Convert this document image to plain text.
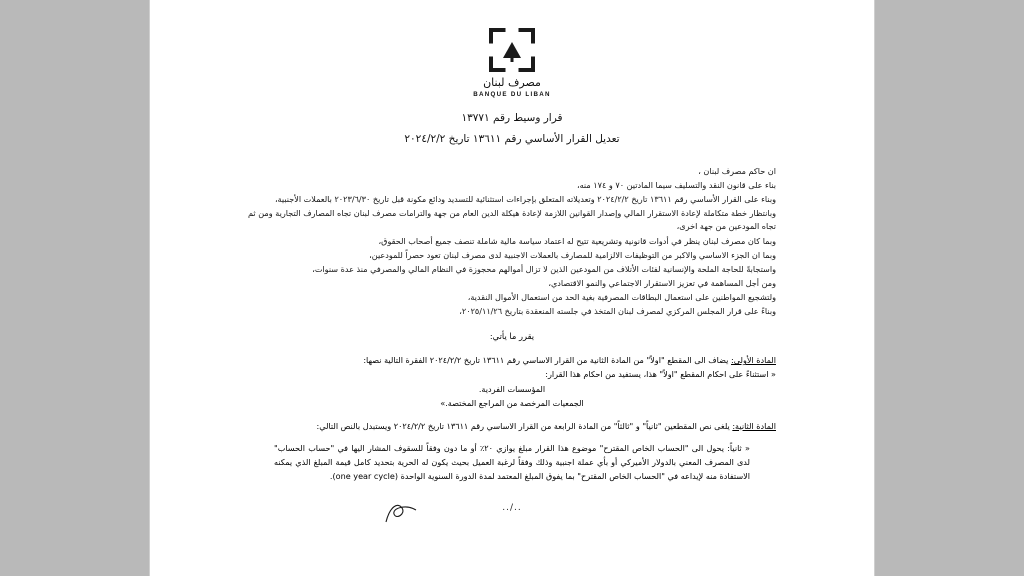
مصرف لبنان
BANQUE DU LIBAN
قرار وسيط رقم ١٣٧٧١
تعديل القرار الأساسي رقم ١٣٦١١ تاريخ ٢٠٢٤/٢/٢

ان حاكم مصرف لبنان ،

بناء على قانون النقد والتسليف سيما المادتين ٧٠ و ١٧٤ منه،

وبناء على القرار الأساسي رقم ١٣٦١١ تاريخ ٢٠٢٤/٢/٢ وتعديلاته المتعلق بإجراءات استثنائية للتسديد ودائع مكونة قبل تاريخ ٢٠٢٣/٦/٣٠ بالعملات الأجنبية،

وبانتظار خطة متكاملة لإعادة الاستقرار المالي وإصدار القوانين اللازمة لإعادة هيكلة الدين العام من جهة والترامات مصرف لبنان تجاه المصارف التجارية ومن ثم تجاه المودعين من جهة اخرى،

وبما كان مصرف لبنان ينظر في أدوات قانونية وتشريعية تتيح له اعتماد سياسة مالية شاملة تنصف جميع أصحاب الحقوق،

وبما ان الجزء الاساسي والاكبر من التوظيفات الالزامية للمصارف بالعملات الاجنبية لدى مصرف لبنان تعود حصراً للمودعين،

واستجابةً للحاجة الملحة والإنسانية لفئات الأتلاف من المودعين الذين لا تزال أموالهم محجوزة في النظام المالي والمصرفي منذ عدة سنوات،

ومن أجل المساهمة في تعزيز الاستقرار الاجتماعي والنمو الاقتصادي،

ولتشجيع المواطنين على استعمال البطاقات المصرفية بغية الحد من استعمال الأموال النقدية،

وبناءً على قرار المجلس المركزي لمصرف لبنان المتخذ في جلسته المنعقدة بتاريخ ٢٠٢٥/١١/٢٦،

يقرر ما يأتي:

المادة الأولى: يضاف الى المقطع "اولاً" من المادة الثانية من القرار الاساسي رقم ١٣٦١١ تاريخ ٢٠٢٤/٢/٢ الفقرة التالية نصها:

« استثناءً على احكام المقطع "اولاً" هذا، يستفيد من احكام هذا القرار:

المؤسسات الفردية.
الجمعيات المرخصة من المراجع المختصة.»

المادة الثانية: يلغى نص المقطعين "ثانياً" و "ثالثاً" من المادة الرابعة من القرار الاساسي رقم ١٣٦١١ تاريخ ٢٠٢٤/٢/٢ ويستبدل بالنص التالي:

« ثانياً: يحول الى "الحساب الخاص المقترح" موضوع هذا القرار مبلغ يوازي ٢٠٪ أو ما دون وفقاً للسقوف المشار اليها في "حساب الحساب" لدى المصرف المعني بالدولار الأميركي أو بأي عملة اجنبية وذلك وفقاً لرغبة العميل بحيث يكون له الحرية بتحديد كامل قيمة المبلغ الذي يمكنه الاستفادة منه لإيداعه في "الحساب الخاص المقترح" بما يفوق المبلغ المعتمد لمدة الدورة السنوية الواحدة (one year cycle).

../..
